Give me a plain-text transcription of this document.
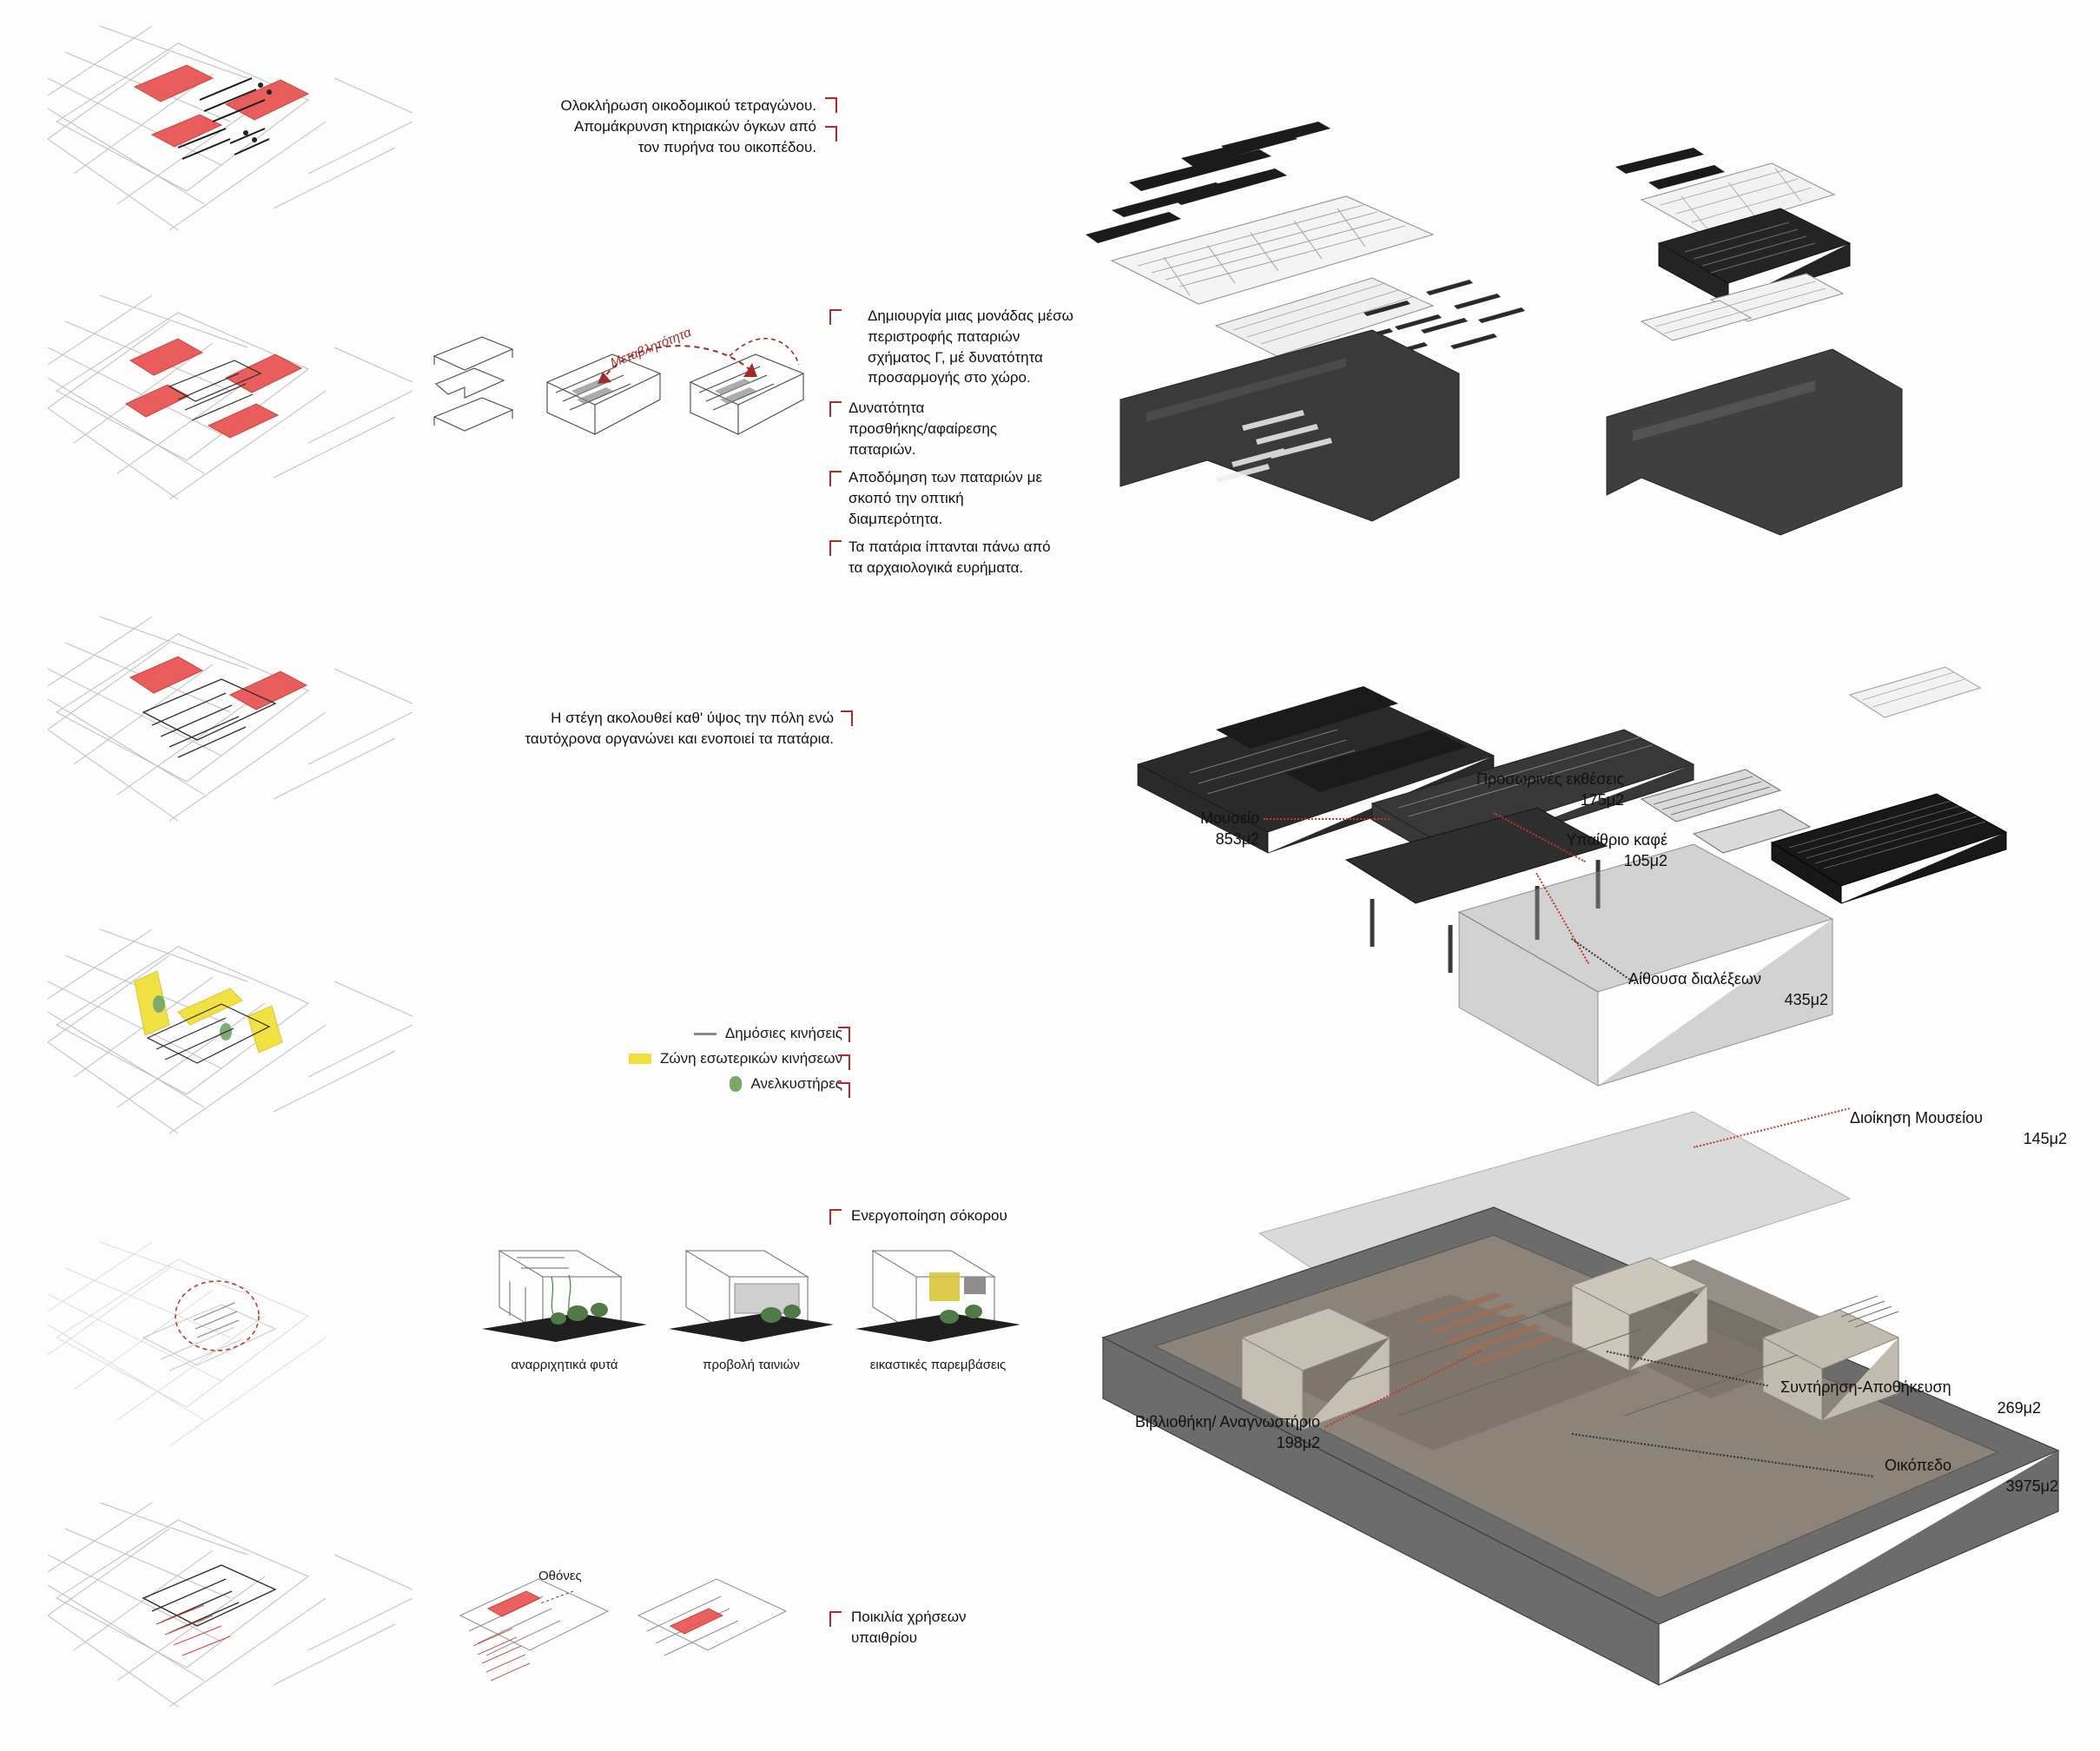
Ολοκλήρωση οικοδομικού τετραγώνου.
Απομάκρυνση κτηριακών όγκων από
τον πυρήνα του οικοπέδου.
Μεταβλητότητα
Δημιουργία μιας μονάδας μέσω
περιστροφής παταριών
σχήματος Γ, μέ δυνατότητα
προσαρμογής στο χώρο.
Δυνατότητα
προσθήκης/αφαίρεσης
παταριών.
Αποδόμηση των παταριών με
σκοπό την οπτική
διαμπερότητα.
Τα πατάρια ίπτανται πάνω από
τα αρχαιολογικά ευρήματα.
Η στέγη ακολουθεί καθ' ύψος την πόλη ενώ
ταυτόχρονα οργανώνει και ενοποιεί τα πατάρια.
Δημόσιες κινήσεις
Ζώνη εσωτερικών κινήσεων
Ανελκυστήρες
Ενεργοποίηση σόκορου
αναρριχητικά φυτά	προβολή ταινιών	εικαστικές παρεμβάσεις
Οθόνες
Ποικιλία χρήσεων
υπαιθρίου
Μουσείο
853μ2
Προσωρινές εκθέσεις
175μ2
Υπαίθριο καφέ
105μ2
Αίθουσα διαλέξεων
435μ2
Διοίκηση Μουσείου
145μ2
Συντήρηση-Αποθήκευση
269μ2
Οικόπεδο
3975μ2
Βιβλιοθήκη/ Αναγνωστήριο
198μ2
